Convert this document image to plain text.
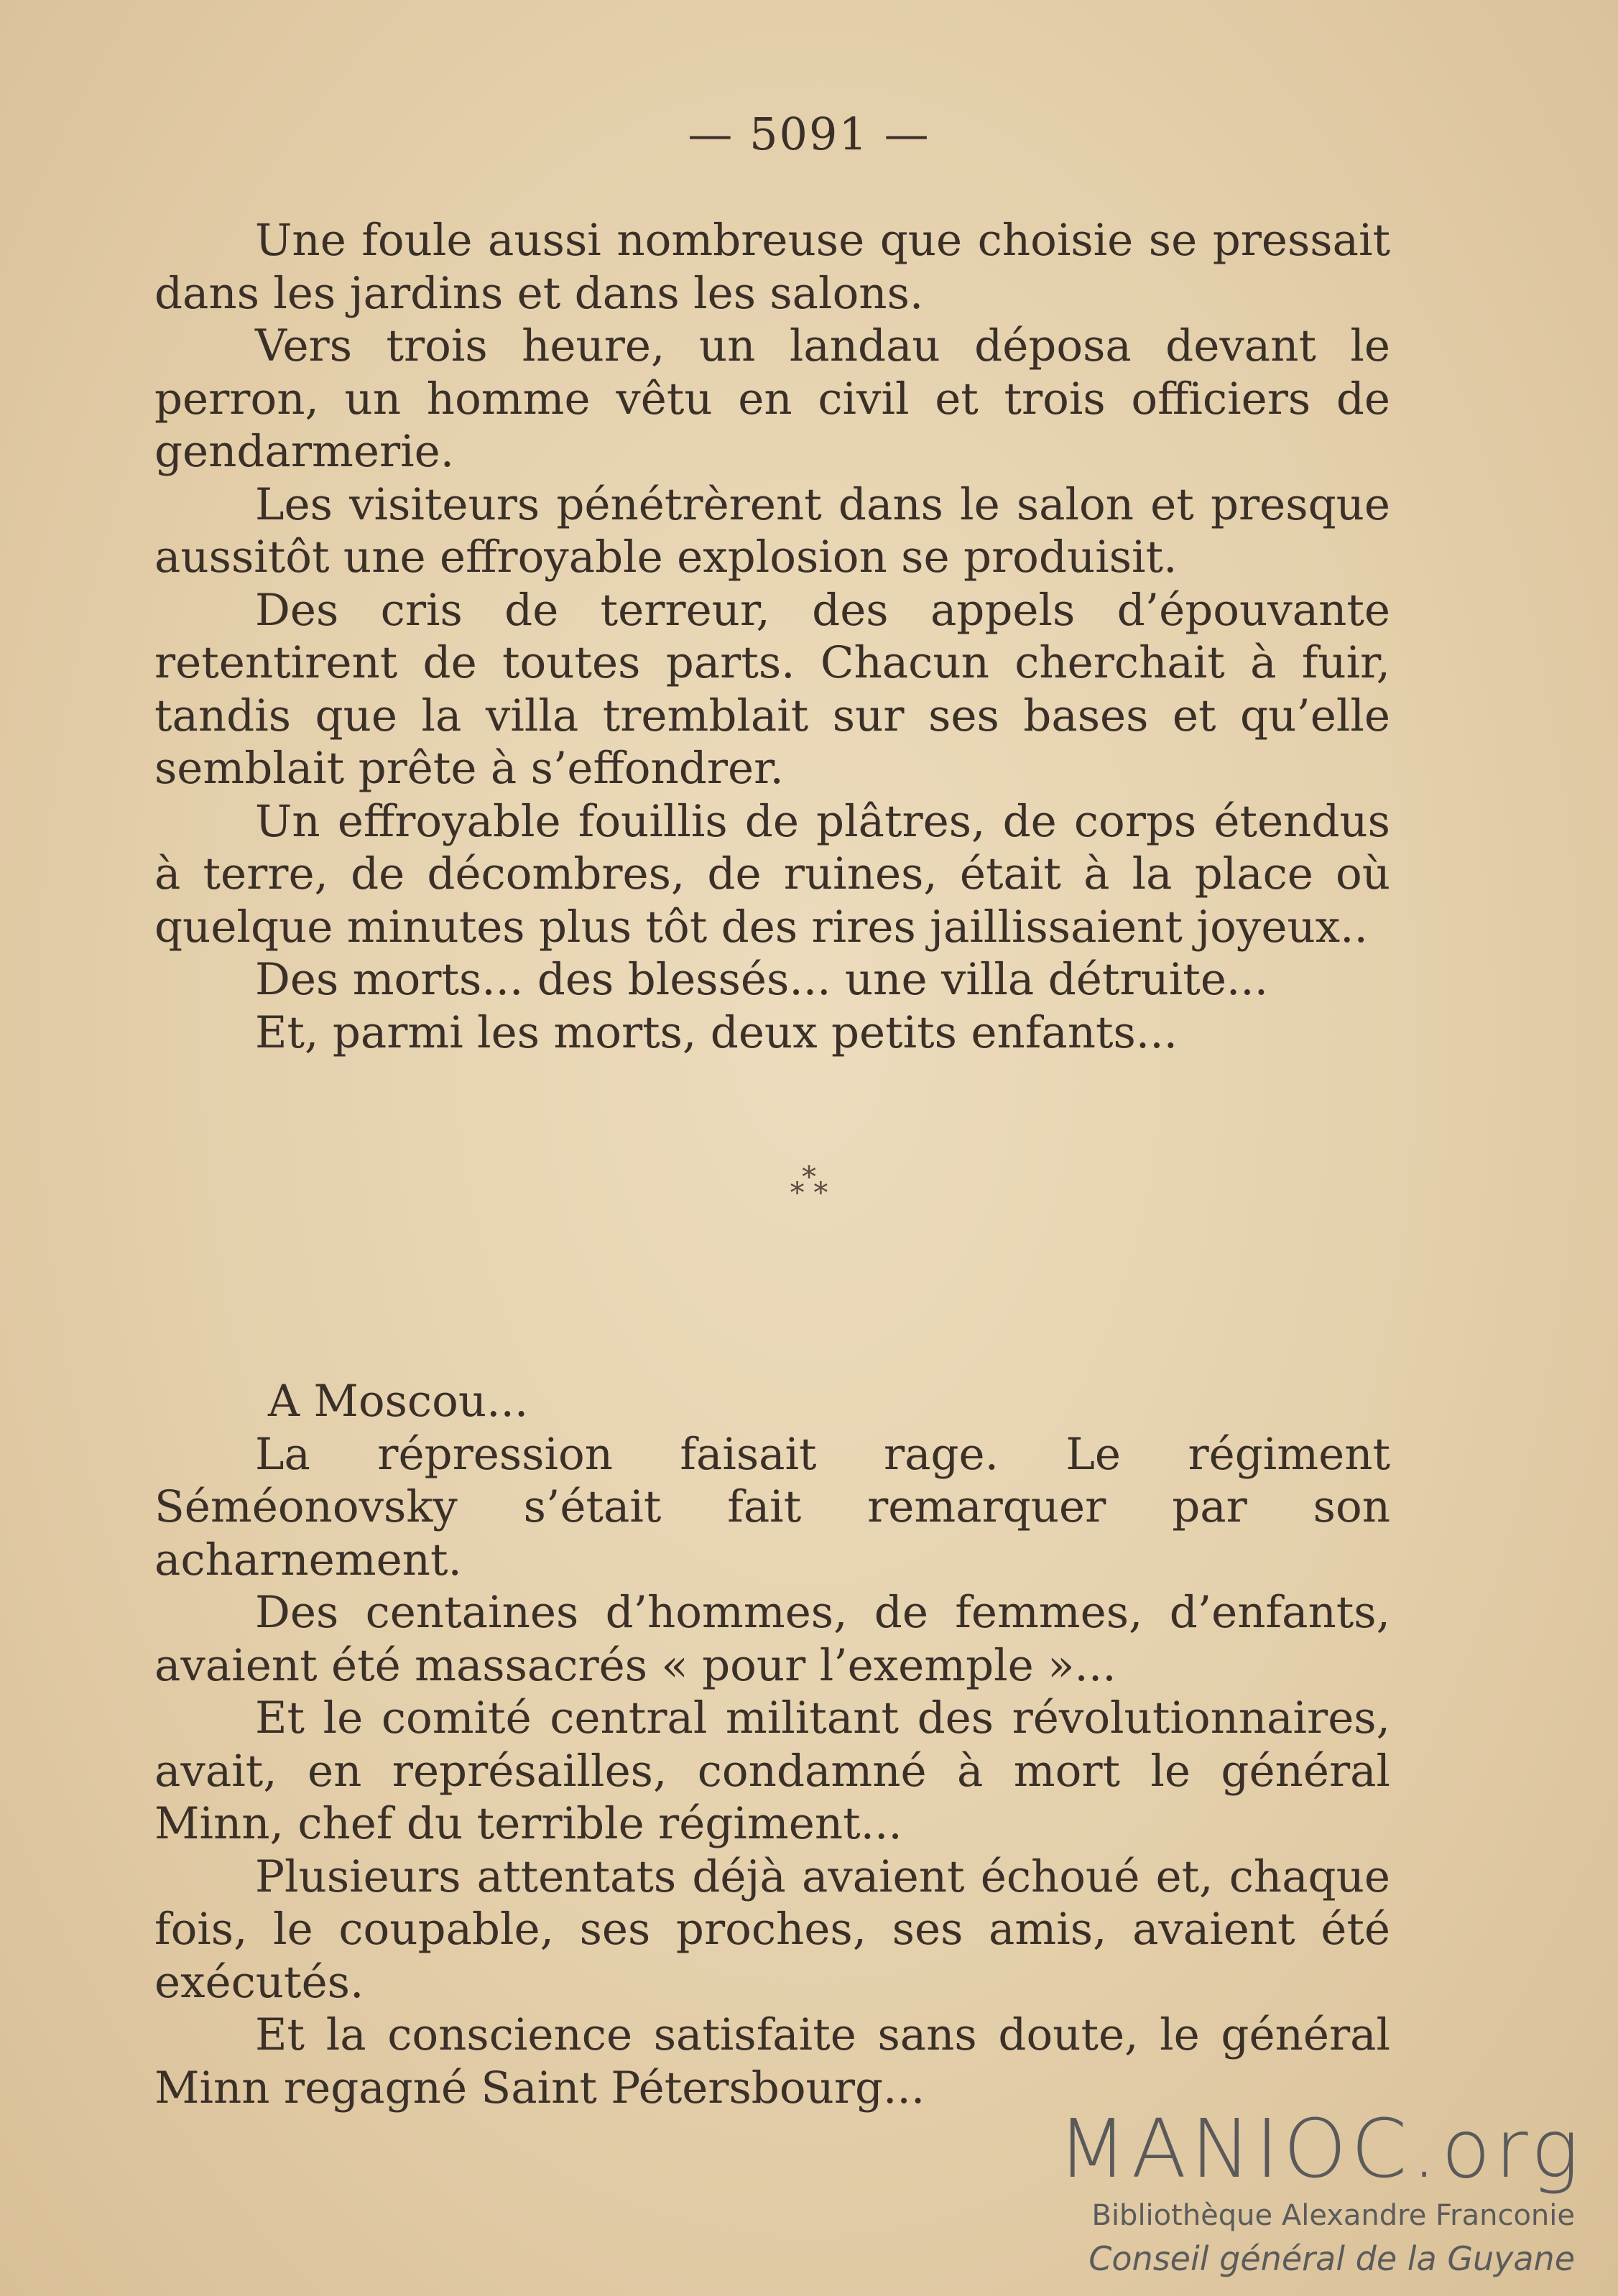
— 5091 —

Une foule aussi nombreuse que choisie se pressait dans les jardins et dans les salons.

Vers trois heure, un landau déposa devant le perron, un homme vêtu en civil et trois officiers de gendarmerie.

Les visiteurs pénétrèrent dans le salon et presque aussitôt une effroyable explosion se produisit.

Des cris de terreur, des appels d’épouvante retentirent de toutes parts. Chacun cherchait à fuir, tandis que la villa tremblait sur ses bases et qu’elle semblait prête à s’effondrer.

Un effroyable fouillis de plâtres, de corps étendus à terre, de décombres, de ruines, était à la place où quelque minutes plus tôt des rires jaillissaient joyeux..

Des morts... des blessés... une villa détruite...

Et, parmi les morts, deux petits enfants...

*
* *

A Moscou...

La répression faisait rage. Le régiment Séméonovsky s’était fait remarquer par son acharnement.

Des centaines d’hommes, de femmes, d’enfants, avaient été massacrés « pour l’exemple »...

Et le comité central militant des révolutionnaires, avait, en représailles, condamné à mort le général Minn, chef du terrible régiment...

Plusieurs attentats déjà avaient échoué et, chaque fois, le coupable, ses proches, ses amis, avaient été exécutés.

Et la conscience satisfaite sans doute, le général Minn regagné Saint Pétersbourg...

MANIOC.org
Bibliothèque Alexandre Franconie
Conseil général de la Guyane
